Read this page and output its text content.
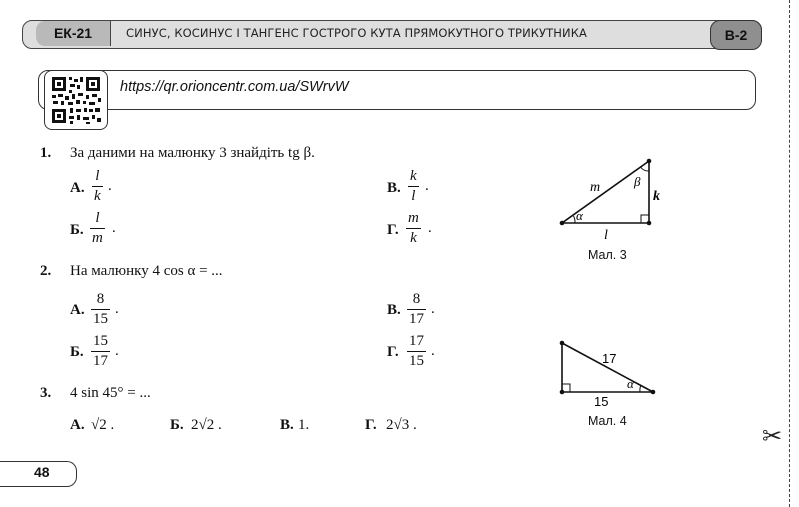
ЕК-21	СИНУС, КОСИНУС І ТАНГЕНС ГОСТРОГО КУТА ПРЯМОКУТНОГО ТРИКУТНИКА	В-2
https://qr.orioncentr.com.ua/SWrvW
1. За даними на малюнку 3 знайдіть tg β.
А.
l
k
.
Б.
l
m
.
В.
k
l
.
Г.
m
k
.
m
k
l
α
β
Мал. 3
2. На малюнку 4 cos α = ...
А.
8
15
.
Б.
15
17
.
В.
8
17
.
Г.
17
15
.	17
15
α
Мал. 4
3. 4 sin 45° = ...
А. √2 .	Б. 2√2 .	В. 1.	Г. 2√3 .
48
✂
